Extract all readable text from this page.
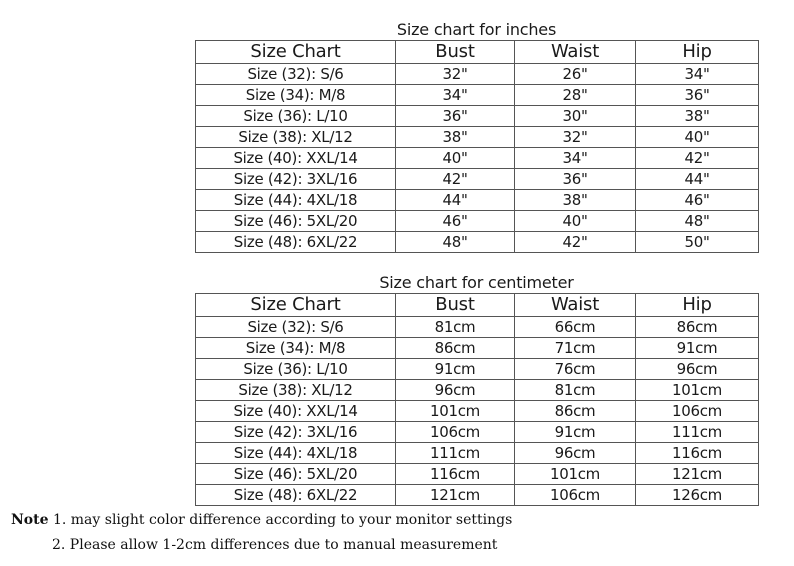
Size chart for inches
Size Chart	Bust	Waist	Hip
Size (32): S/6	32"	26"	34"
Size (34): M/8	34"	28"	36"
Size (36): L/10	36"	30"	38"
Size (38): XL/12	38"	32"	40"
Size (40): XXL/14	40"	34"	42"
Size (42): 3XL/16	42"	36"	44"
Size (44): 4XL/18	44"	38"	46"
Size (46): 5XL/20	46"	40"	48"
Size (48): 6XL/22	48"	42"	50"
Size chart for centimeter
Size Chart	Bust	Waist	Hip
Size (32): S/6	81cm	66cm	86cm
Size (34): M/8	86cm	71cm	91cm
Size (36): L/10	91cm	76cm	96cm
Size (38): XL/12	96cm	81cm	101cm
Size (40): XXL/14	101cm	86cm	106cm
Size (42): 3XL/16	106cm	91cm	111cm
Size (44): 4XL/18	111cm	96cm	116cm
Size (46): 5XL/20	116cm	101cm	121cm
Size (48): 6XL/22	121cm	106cm	126cm
Note 1. may slight color difference according to your monitor settings
2. Please allow 1-2cm differences due to manual measurement
